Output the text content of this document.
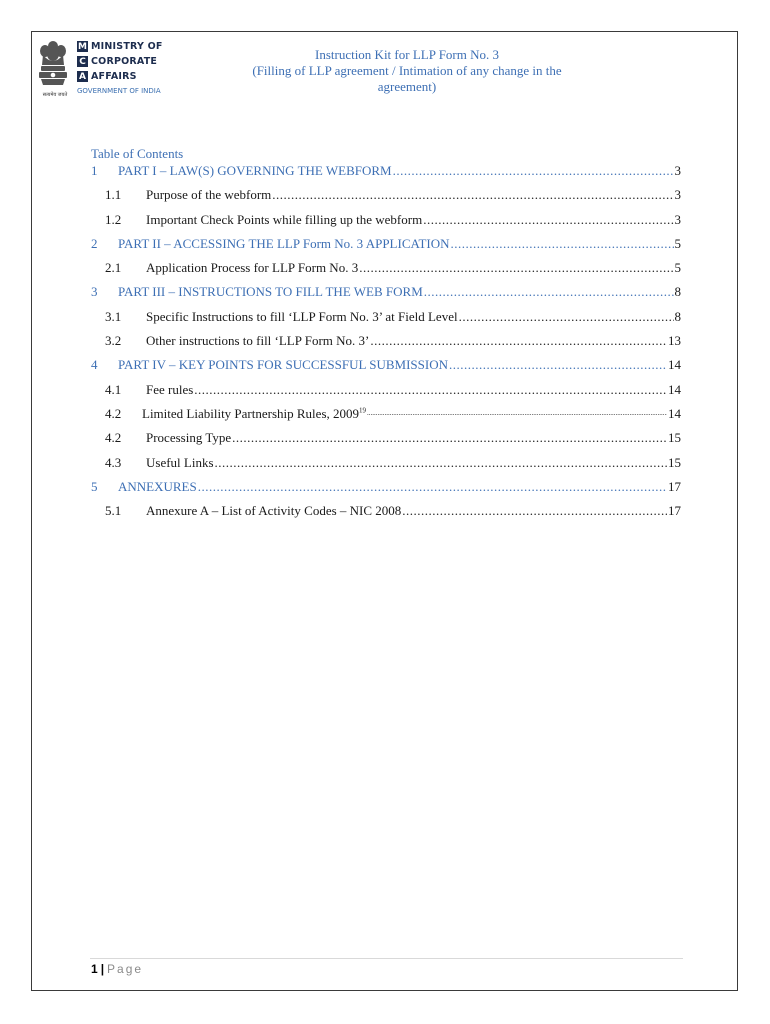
सत्यमेव जयते
M MINISTRY OF
C CORPORATE
A AFFAIRS
GOVERNMENT OF INDIA
Instruction Kit for LLP Form No. 3
(Filling of LLP agreement / Intimation of any change in the
agreement)
Table of Contents
1	PART I – LAW(S) GOVERNING THE WEBFORM .....	3
1.1	Purpose of the webform .....	3
1.2	Important Check Points while filling up the webform .....	3
2	PART II – ACCESSING THE LLP Form No. 3 APPLICATION .....	5
2.1	Application Process for LLP Form No. 3 .....	5
3	PART III – INSTRUCTIONS TO FILL THE WEB FORM .....	8
3.1	Specific Instructions to fill ‘LLP Form No. 3’ at Field Level .....	8
3.2	Other instructions to fill ‘LLP Form No. 3’ .....	13
4	PART IV – KEY POINTS FOR SUCCESSFUL SUBMISSION .....	14
4.1	Fee rules .....	14
4.2	Limited Liability Partnership Rules, 2009$^{19}$ .....	14
4.2	Processing Type .....	15
4.3	Useful Links .....	15
5	ANNEXURES .....	17
5.1	Annexure A – List of Activity Codes – NIC 2008 .....	17
1 | Page
